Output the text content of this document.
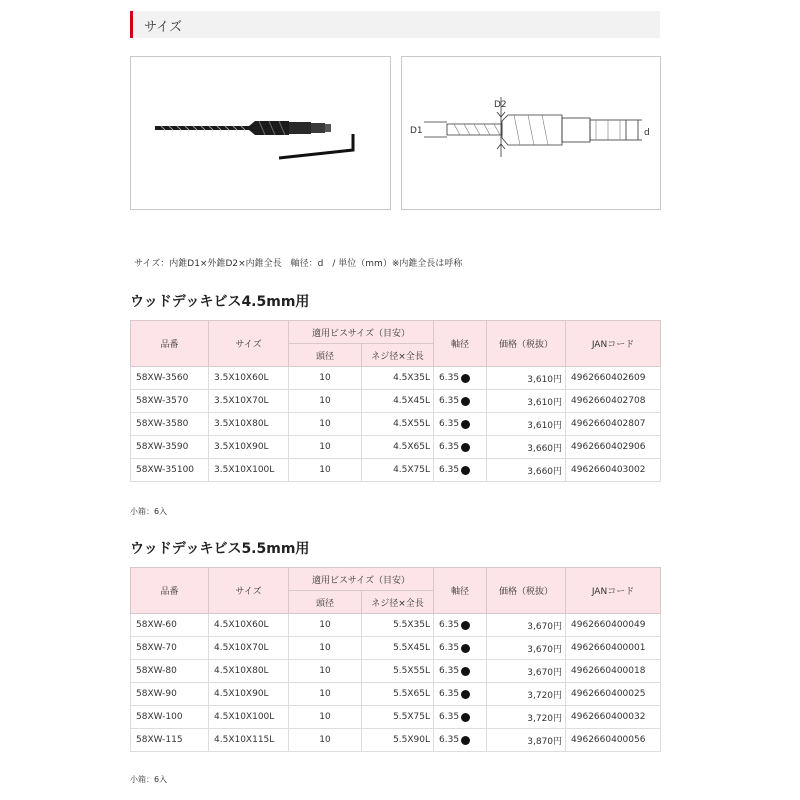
サイズ
D1
D2
d
サイズ：内錐D1×外錐D2×内錐全長　軸径：d　/ 単位（mm）※内錐全長は呼称
ウッドデッキビス4.5mm用
品番	サイズ	適用ビスサイズ（目安）		軸径	価格（税抜）	JANコード
		頭径	ネジ径×全長			
58XW-3560	3.5X10X60L	10	4.5X35L	6.35	3,610円	4962660402609
58XW-3570	3.5X10X70L	10	4.5X45L	6.35	3,610円	4962660402708
58XW-3580	3.5X10X80L	10	4.5X55L	6.35	3,610円	4962660402807
58XW-3590	3.5X10X90L	10	4.5X65L	6.35	3,660円	4962660402906
58XW-35100	3.5X10X100L	10	4.5X75L	6.35	3,660円	4962660403002
小箱：6入
ウッドデッキビス5.5mm用
品番	サイズ	適用ビスサイズ（目安）		軸径	価格（税抜）	JANコード
		頭径	ネジ径×全長			
58XW-60	4.5X10X60L	10	5.5X35L	6.35	3,670円	4962660400049
58XW-70	4.5X10X70L	10	5.5X45L	6.35	3,670円	4962660400001
58XW-80	4.5X10X80L	10	5.5X55L	6.35	3,670円	4962660400018
58XW-90	4.5X10X90L	10	5.5X65L	6.35	3,720円	4962660400025
58XW-100	4.5X10X100L	10	5.5X75L	6.35	3,720円	4962660400032
58XW-115	4.5X10X115L	10	5.5X90L	6.35	3,870円	4962660400056
小箱：6入
